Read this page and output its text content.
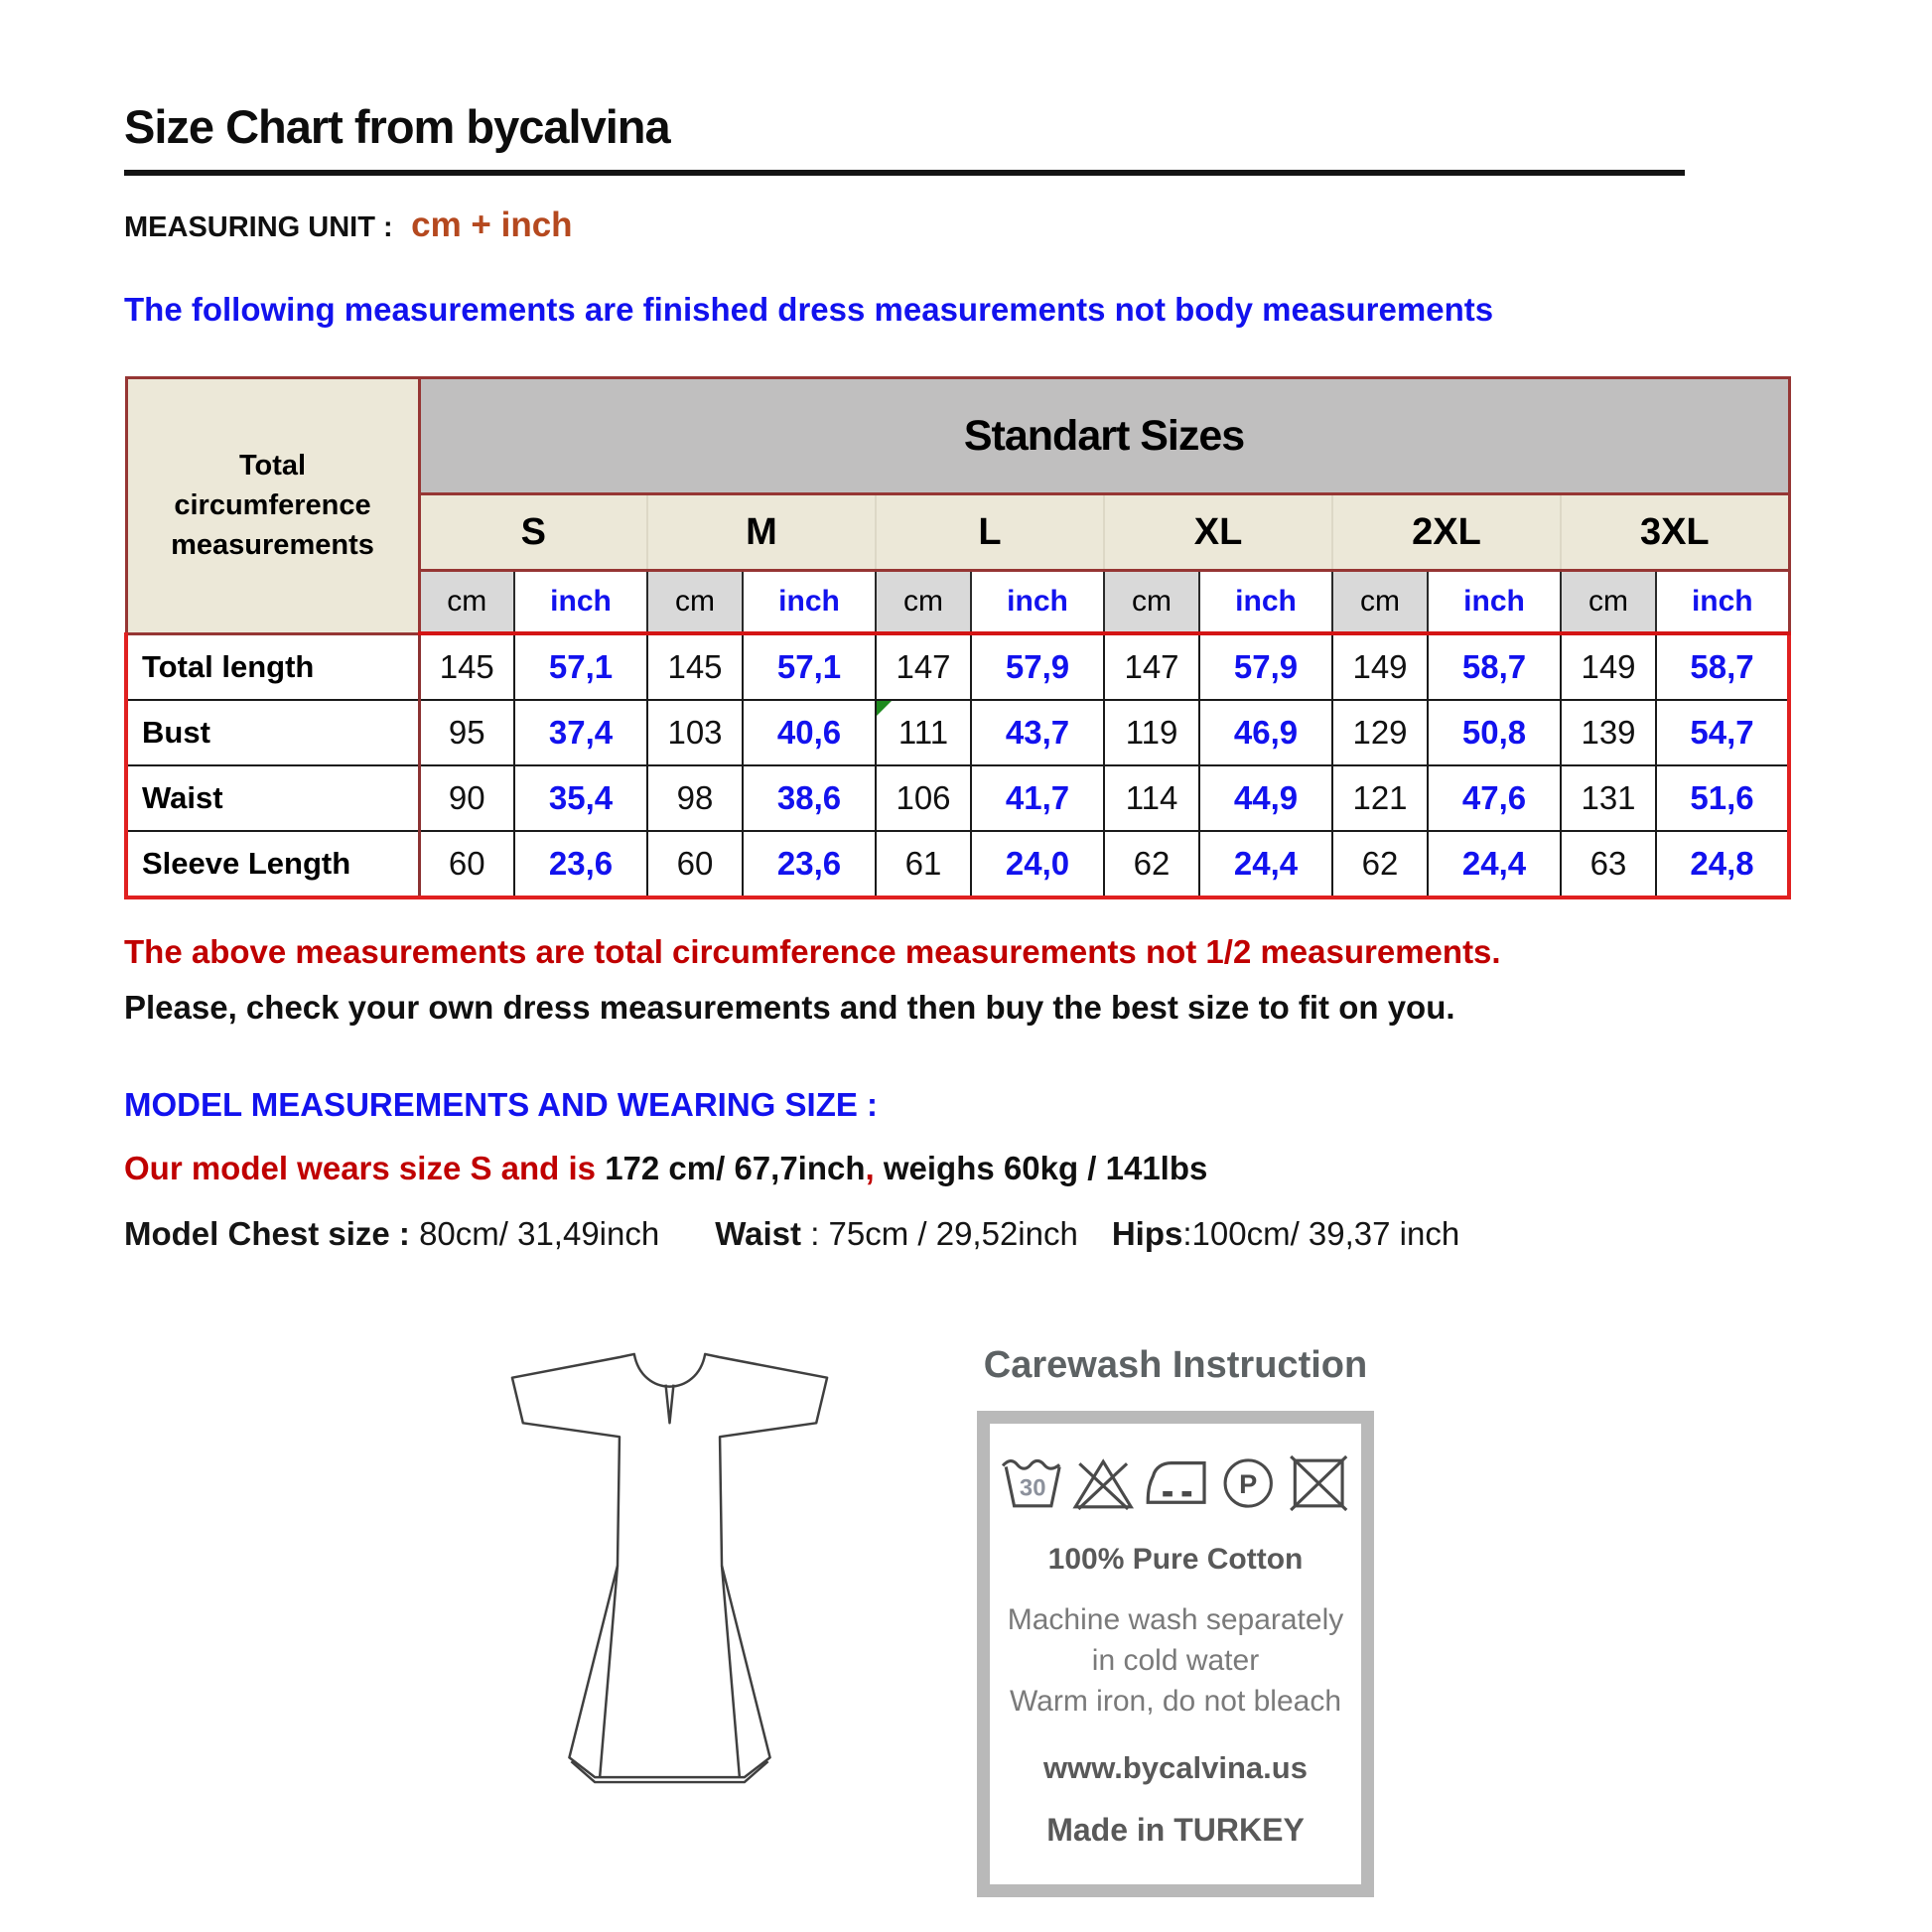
Size Chart from bycalvina
MEASURING UNIT : cm + inch

The following measurements are finished dress measurements not body measurements

Total circumference measurements	Standart Sizes											
	S		M		L		XL		2XL		3XL	
	cm	inch	cm	inch	cm	inch	cm	inch	cm	inch	cm	inch
Total length	145	57,1	145	57,1	147	57,9	147	57,9	149	58,7	149	58,7
Bust	95	37,4	103	40,6	111	43,7	119	46,9	129	50,8	139	54,7
Waist	90	35,4	98	38,6	106	41,7	114	44,9	121	47,6	131	51,6
Sleeve Length	60	23,6	60	23,6	61	24,0	62	24,4	62	24,4	63	24,8

The above measurements are total circumference measurements not 1/2 measurements.

Please, check your own dress measurements and then buy the best size to fit on you.

MODEL MEASUREMENTS AND WEARING SIZE :

Our model wears size S and is 172 cm/ 67,7inch, weighs 60kg / 141lbs

Model Chest size : 80cm/ 31,49inch Waist : 75cm / 29,52inch Hips:100cm/ 39,37 inch

Carewash Instruction
30	P

100% Pure Cotton

Machine wash separately

in cold water

Warm iron, do not bleach

www.bycalvina.us

Made in TURKEY
